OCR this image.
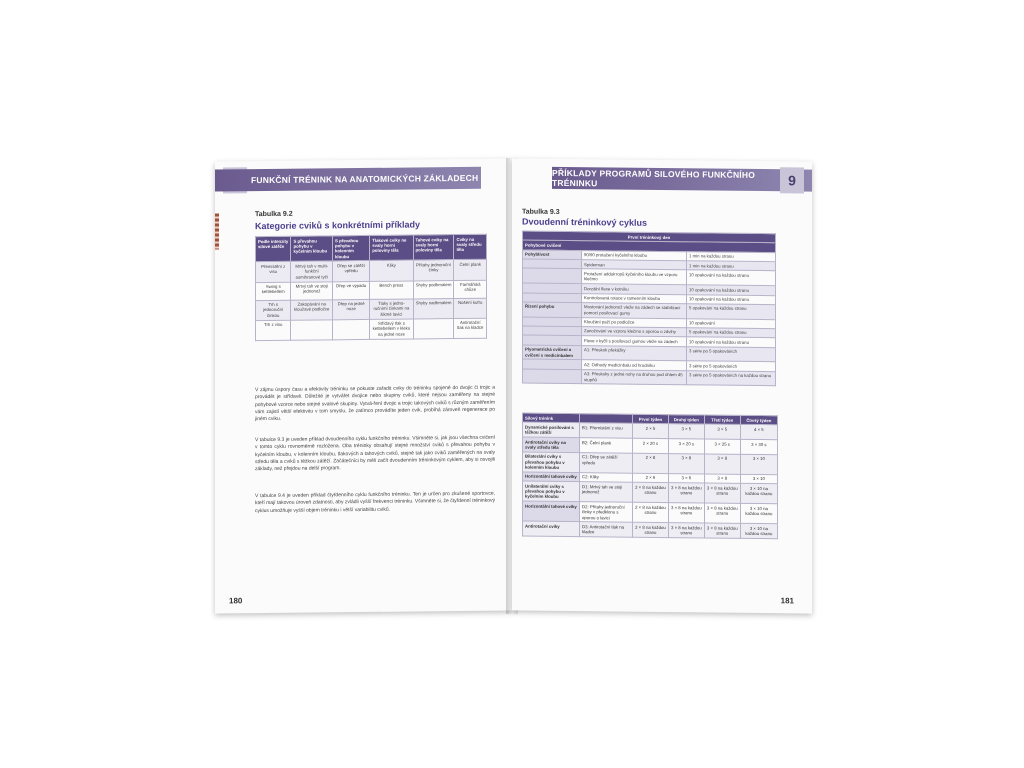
FUNKČNÍ TRÉNINK NA ANATOMICKÝCH ZÁKLADECH
Tabulka 9.2
Kategorie cviků s konkrétními příklady
Podle intenzity silové zátěže	S převahou pohybu v kyčelním kloubu	S převahou pohybu v kolenním kloubu	Tlakové cviky ne svaly horní poloviny těla	Tahové cviky na svaly horní poloviny těla	Cviky na svaly středu těla
Přemístění z visu	Mrtvý tah v multi-funkční osmihranové tyči	Dřep se zátěží vpředu	Kliky	Přítahy jednoruční činky	Čelní plank
Swing s kettlebellem	Mrtvý tah ve stoji jednonož	Dřep ve výpadu	Bench press	Shyby podhmatem	Farmářská chůze
Trh s jednoruční činkou	Zakopávání na kloužavé podložce	Dřep na jedné noze	Tlaky s jedno-ručními činkami na šikmé lavici	Shyby nadhmatem	Nošení kufru
Trh z visu			Střídavý tlak s kettlebellem v kleku na jedné noze		Antirotační tlak na kladce
V zájmu úspory času a efektivity tréninku se pokuste zařadit cviky do tréninku spojené do dvojic či trojic a provádět je střídavě. Důležité je vytvářet dvojice nebo skupiny cviků, které nejsou zaměřeny na stejné pohybové vzorce nebo stejné svalové skupiny. Vytvá-ření dvojic a trojic takových cviků s různým zaměřením vám zajistí větší efektivitu v tom smyslu, že zatímco provádíte jeden cvik, probíhá zároveň regenerace po jiném cviku.
V tabulce 9.3 je uveden příklad dvoudenního cyklu funkčního tréninku. Všimněte si, jak jsou všechna cvičení v tomto cyklu rovnoměrně rozložena. Oba tréninky obsahují stejné množství cviků s převahou pohybu v kyčelním kloubu, v kolenním kloubu, tlakových a tahových cviků, stejně tak jako cviků zaměřených na svaly středu těla a cviků s těžkou zátěží. Začátečníci by měli začít dvoudenním tréninkovým cyklem, aby si osvojili základy, než přejdou na delší program.
V tabulce 9.4 je uveden příklad čtyřdenního cyklu funkčního tréninku. Ten je určen pro zkušené sportovce, kteří mají takovou úroveň zdatnosti, aby zvládli vyšší frekvenci tréninku. Všimněte si, že čtyřdenní tréninkový cyklus umožňuje vyšší objem tréninku i větší variabilitu cviků.
180
PŘÍKLADY PROGRAMŮ SILOVÉHO FUNKČNÍHO TRÉNINKU	9
Tabulka 9.3
Dvoudenní tréninkový cyklus
První tréninkový den		
Pohybové cvičení		
Pohyblivost	90/90 protažení kyčelního kloubu	1 min na každou stranu
	Spiderman	1 min na každou stranu
	Protažení addukторů kyčelního kloubu ve vzporu klečmo	10 opakování na každou stranu
	Dorzální flexe v kotníku	10 opakování na každou stranu
	Kontrolovaná rotace v ramenním kloubu	10 opakování na každou stranu
Řízení pohybu	Mostování jednonož vleže na zádech se stabilizací pomocí posilovací gumy	5 opakování na každou stranu
	Kloužání paží po podložce	10 opakování
	Zanožování ve vzporu klečmo s oporou o zdvihy	5 opakování na každou stranu
	Flexe v kyčli s posilovací gumou vleže na zádech	10 opakování na každou stranu
Plyometrická cvičení a cvičení s medicinbalem	A1: Přeskok překážky	3 série po 5 opakováních
	A2: Odhody medicinbalu od hrudníku	3 série po 5 opakováních
	A3: Přeskoky z jedné nohy na druhou pod úhlem 45 stupňů	3 série po 5 opakováních na každou stranu
Silový trénink		První týden	Druhý týden	Třetí týden	Čtvrtý týden
Dynamické posilování s těžkou zátěží	B1: Přemístění z visu	2 × 5	3 × 5	3 × 5	4 × 5
Antirotační cviky na svaly středu těla	B2: Čelní plank	2 × 20 s	3 × 20 s	3 × 25 s	3 × 30 s
Bilaterální cviky s převahou pohybu v kolenním kloubu	C1: Dřep se zátěží vpředu	2 × 8	3 × 8	3 × 8	3 × 10
Horizontální tahové cviky	C2: Kliky	2 × 6	3 × 6	3 × 8	3 × 10
Unilaterální cviky s převahou pohybu v kyčelním kloubu	D1: Mrtvý tah ve stoji jednonož	2 × 8 na každou stranu	3 × 8 na každou stranu	3 × 8 na každou stranu	3 × 10 na každou stranu
Horizontální tahové cviky	D2: Přítahy jednoruční činky v předklonu s oporou o lavici	2 × 8 na každou stranu	3 × 8 na každou stranu	3 × 8 na každou stranu	3 × 10 na každou stranu
Antirotační cviky	D3: Antirotační tlak na kladce	2 × 8 na každou stranu	3 × 8 na každou stranu	3 × 8 na každou stranu	3 × 10 na každou stranu
181
